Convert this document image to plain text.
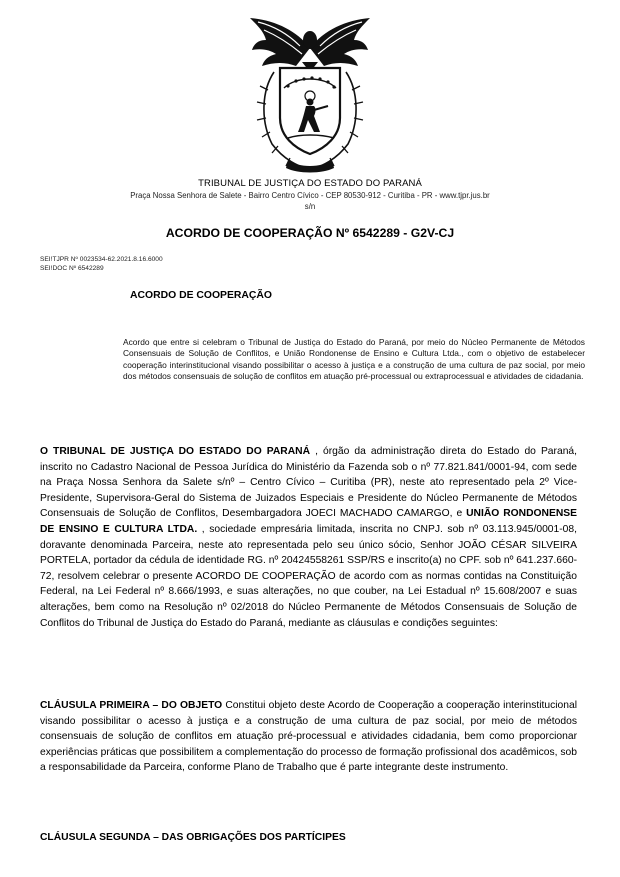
TRIBUNAL DE JUSTIÇA DO ESTADO DO PARANÁ
Praça Nossa Senhora de Salete - Bairro Centro Cívico - CEP 80530-912 - Curitiba - PR - www.tjpr.jus.br
s/n
ACORDO DE COOPERAÇÃO Nº 6542289 - G2V-CJ
SEI!TJPR Nº 0023534-62.2021.8.16.6000
SEI!DOC Nº 6542289
ACORDO DE COOPERAÇÃO
Acordo que entre si celebram o Tribunal de Justiça do Estado do Paraná, por meio do Núcleo Permanente de Métodos Consensuais de Solução de Conflitos, e União Rondonense de Ensino e Cultura Ltda., com o objetivo de estabelecer cooperação interinstitucional visando possibilitar o acesso à justiça e a construção de uma cultura de paz social, por meio dos métodos consensuais de solução de conflitos em atuação pré-processual ou extraprocessual e atividades de cidadania.
O TRIBUNAL DE JUSTIÇA DO ESTADO DO PARANÁ , órgão da administração direta do Estado do Paraná, inscrito no Cadastro Nacional de Pessoa Jurídica do Ministério da Fazenda sob o nº 77.821.841/0001-94, com sede na Praça Nossa Senhora da Salete s/nº – Centro Cívico – Curitiba (PR), neste ato representado pela 2º Vice-Presidente, Supervisora-Geral do Sistema de Juizados Especiais e Presidente do Núcleo Permanente de Métodos Consensuais de Solução de Conflitos, Desembargadora JOECI MACHADO CAMARGO, e UNIÃO RONDONENSE DE ENSINO E CULTURA LTDA. , sociedade empresária limitada, inscrita no CNPJ. sob nº 03.113.945/0001-08, doravante denominada Parceira, neste ato representada pelo seu único sócio, Senhor JOÃO CÉSAR SILVEIRA PORTELA, portador da cédula de identidade RG. nº 20424558261 SSP/RS e inscrito(a) no CPF. sob nº 641.237.660-72, resolvem celebrar o presente ACORDO DE COOPERAÇÃO de acordo com as normas contidas na Constituição Federal, na Lei Federal nº 8.666/1993, e suas alterações, no que couber, na Lei Estadual nº 15.608/2007 e suas alterações, bem como na Resolução nº 02/2018 do Núcleo Permanente de Métodos Consensuais de Solução de Conflitos do Tribunal de Justiça do Estado do Paraná, mediante as cláusulas e condições seguintes:
CLÁUSULA PRIMEIRA – DO OBJETO Constitui objeto deste Acordo de Cooperação a cooperação interinstitucional visando possibilitar o acesso à justiça e a construção de uma cultura de paz social, por meio de métodos consensuais de solução de conflitos em atuação pré-processual e atividades cidadania, bem como proporcionar experiências práticas que possibilitem a complementação do processo de formação profissional dos acadêmicos, sob a responsabilidade da Parceira, conforme Plano de Trabalho que é parte integrante deste instrumento.
CLÁUSULA SEGUNDA – DAS OBRIGAÇÕES DOS PARTÍCIPES
